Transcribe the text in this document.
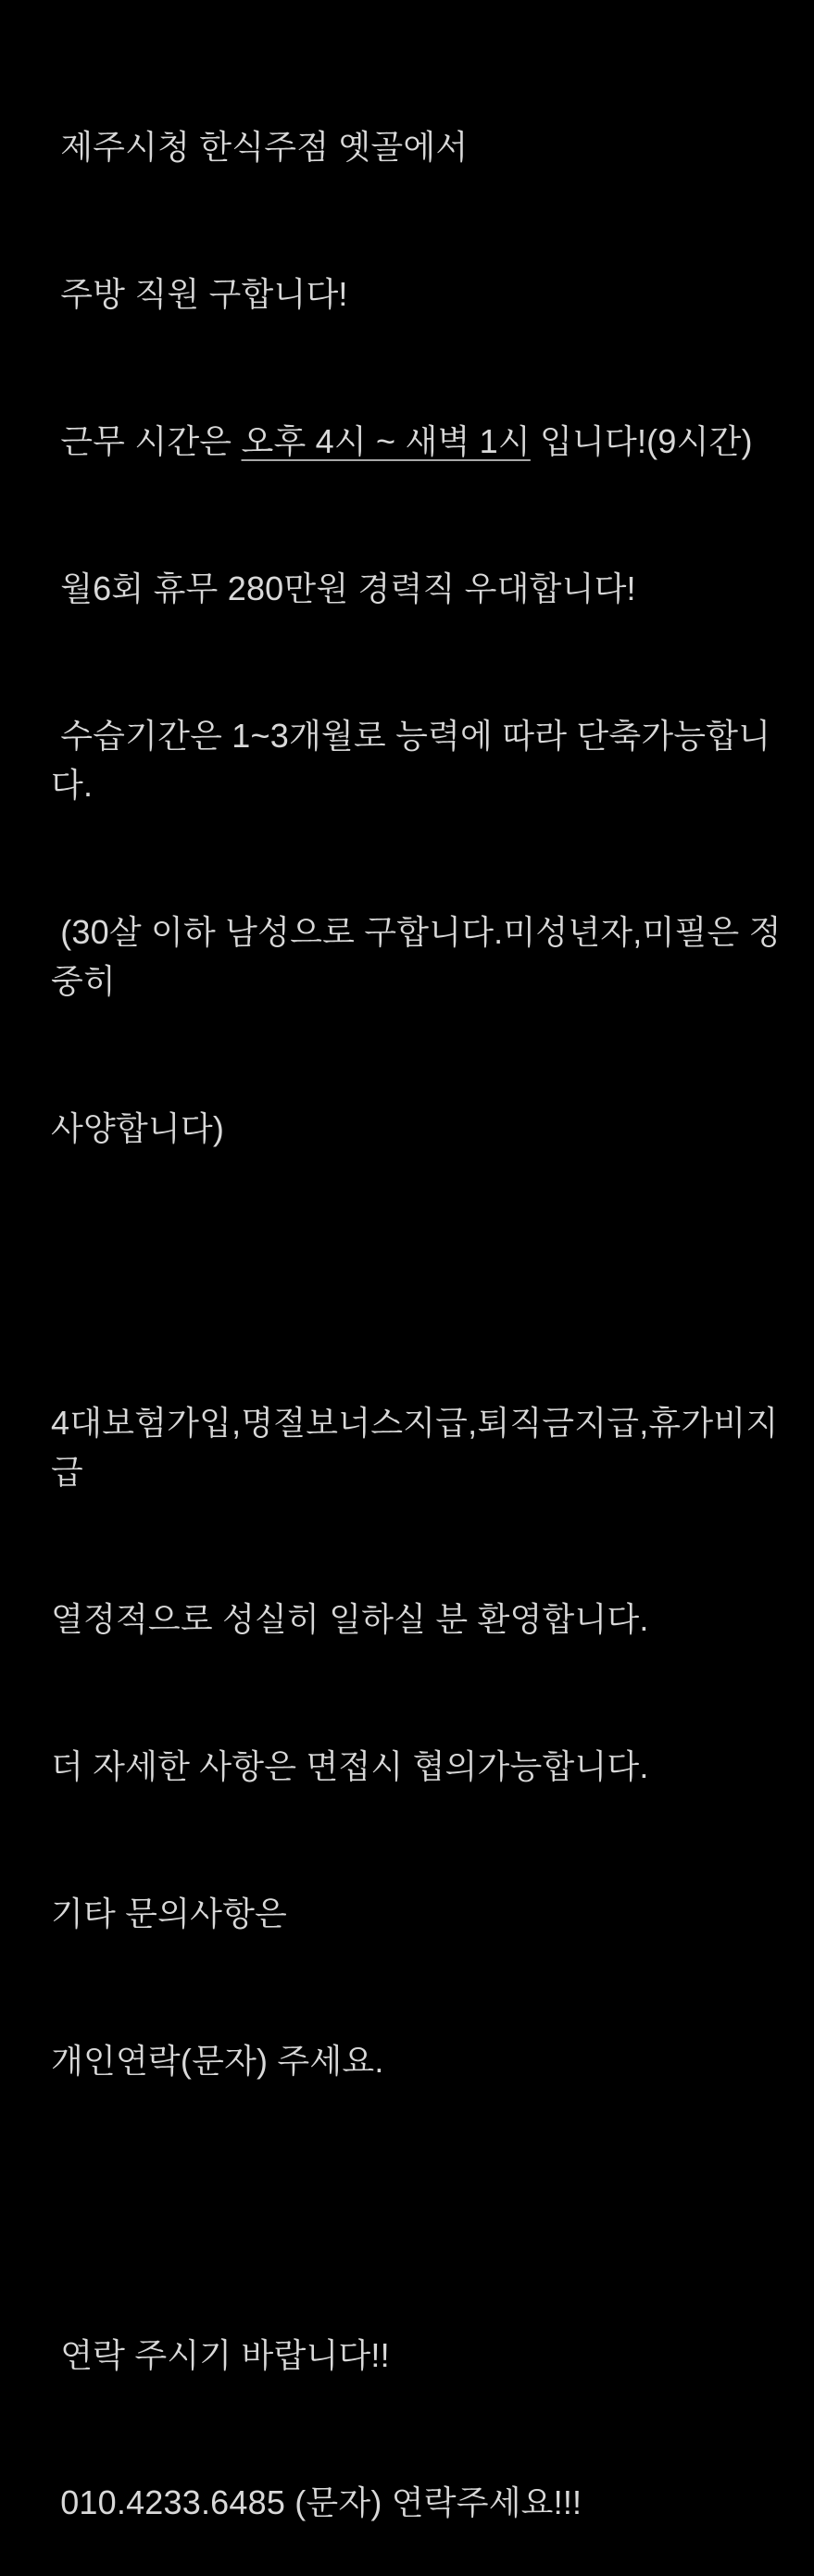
제주시청 한식주점 옛골에서

주방 직원 구합니다!

근무 시간은 오후 4시 ~ 새벽 1시 입니다!(9시간)

월6회 휴무 280만원 경력직 우대합니다!

수습기간은 1~3개월로 능력에 따라 단축가능합니다.

(30살 이하 남성으로 구합니다.미성년자,미필은 정중히

사양합니다)

4대보험가입,명절보너스지급,퇴직금지급,휴가비지급

열정적으로 성실히 일하실 분 환영합니다.

더 자세한 사항은 면접시 협의가능합니다.

기타 문의사항은

개인연락(문자) 주세요.

연락 주시기 바랍니다!!

010.4233.6485 (문자) 연락주세요!!!
